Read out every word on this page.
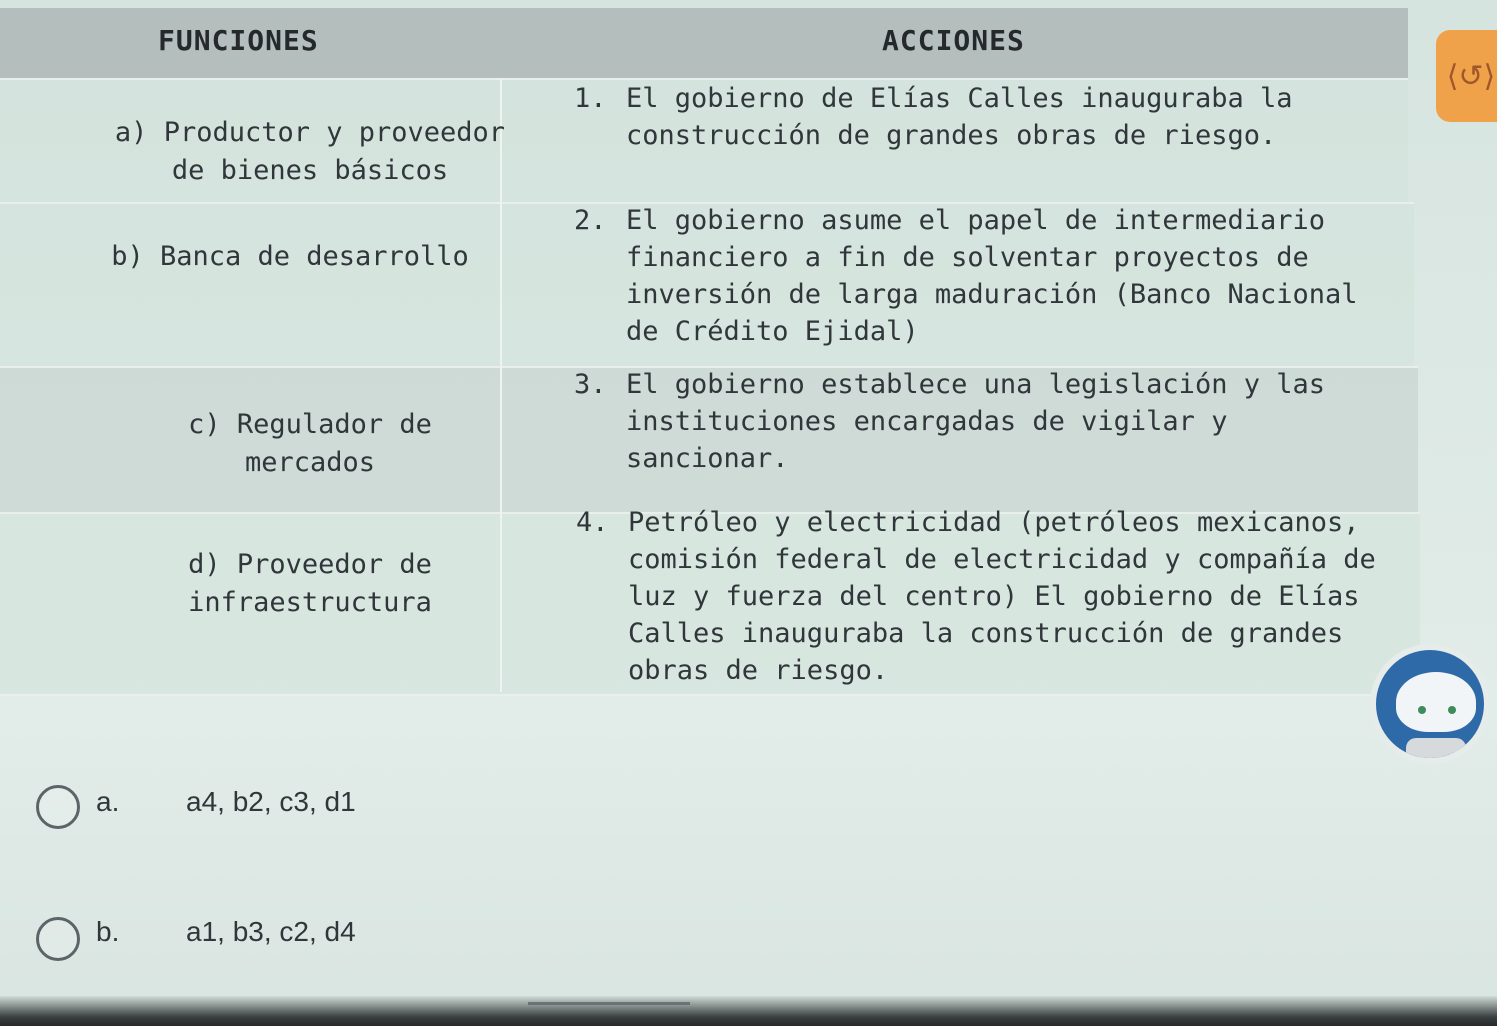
FUNCIONES	ACCIONES
a) Productor y proveedor
de bienes básicos
1. El gobierno de Elías Calles inauguraba la construcción de grandes obras de riesgo.
b) Banca de desarrollo
2. El gobierno asume el papel de intermediario financiero a fin de solventar proyectos de inversión de larga maduración (Banco Nacional de Crédito Ejidal)
c) Regulador de
mercados
3. El gobierno establece una legislación y las instituciones encargadas de vigilar y sancionar.
d) Proveedor de
infraestructura
4. Petróleo y electricidad (petróleos mexicanos, comisión federal de electricidad y compañía de luz y fuerza del centro) El gobierno de Elías Calles inauguraba la construcción de grandes obras de riesgo.
⟨↺⟩
a. a4, b2, c3, d1
b. a1, b3, c2, d4
